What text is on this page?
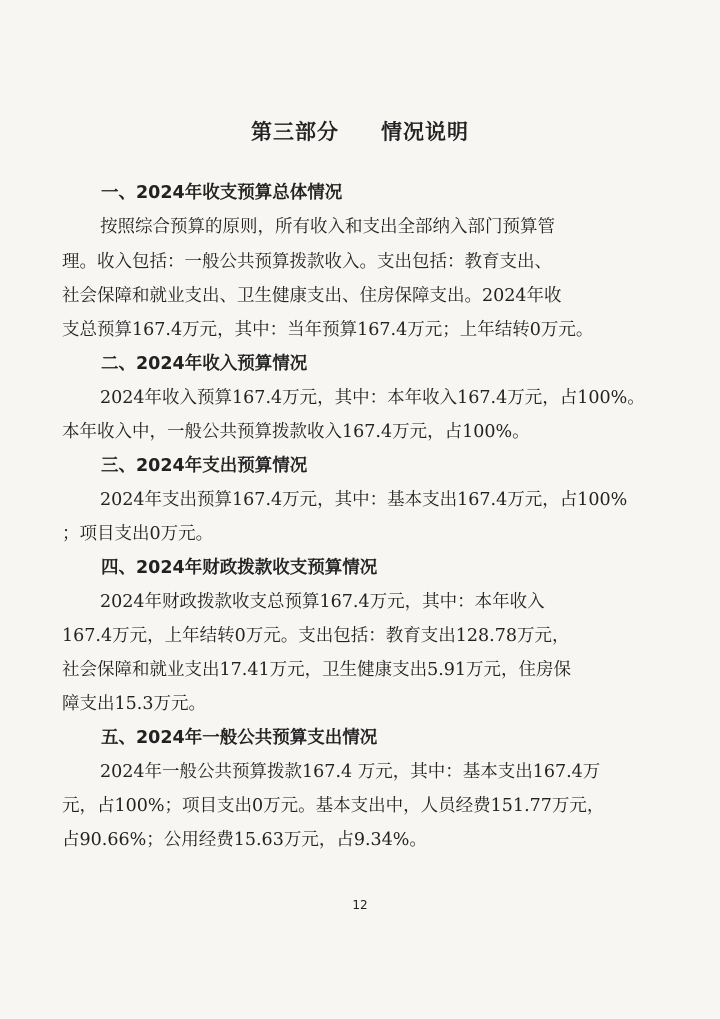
第三部分 情况说明
一、2024年收支预算总体情况
按照综合预算的原则，所有收入和支出全部纳入部门预算管
理。收入包括：一般公共预算拨款收入。支出包括：教育支出、
社会保障和就业支出、卫生健康支出、住房保障支出。2024年收
支总预算167.4万元，其中：当年预算167.4万元；上年结转0万元。
二、2024年收入预算情况
2024年收入预算167.4万元，其中：本年收入167.4万元，占100%。
本年收入中，一般公共预算拨款收入167.4万元，占100%。
三、2024年支出预算情况
2024年支出预算167.4万元，其中：基本支出167.4万元，占100%
；项目支出0万元。
四、2024年财政拨款收支预算情况
2024年财政拨款收支总预算167.4万元，其中：本年收入
167.4万元，上年结转0万元。支出包括：教育支出128.78万元，
社会保障和就业支出17.41万元，卫生健康支出5.91万元，住房保
障支出15.3万元。
五、2024年一般公共预算支出情况
2024年一般公共预算拨款167.4 万元，其中：基本支出167.4万
元，占100%；项目支出0万元。基本支出中，人员经费151.77万元，
占90.66%；公用经费15.63万元，占9.34%。
12
